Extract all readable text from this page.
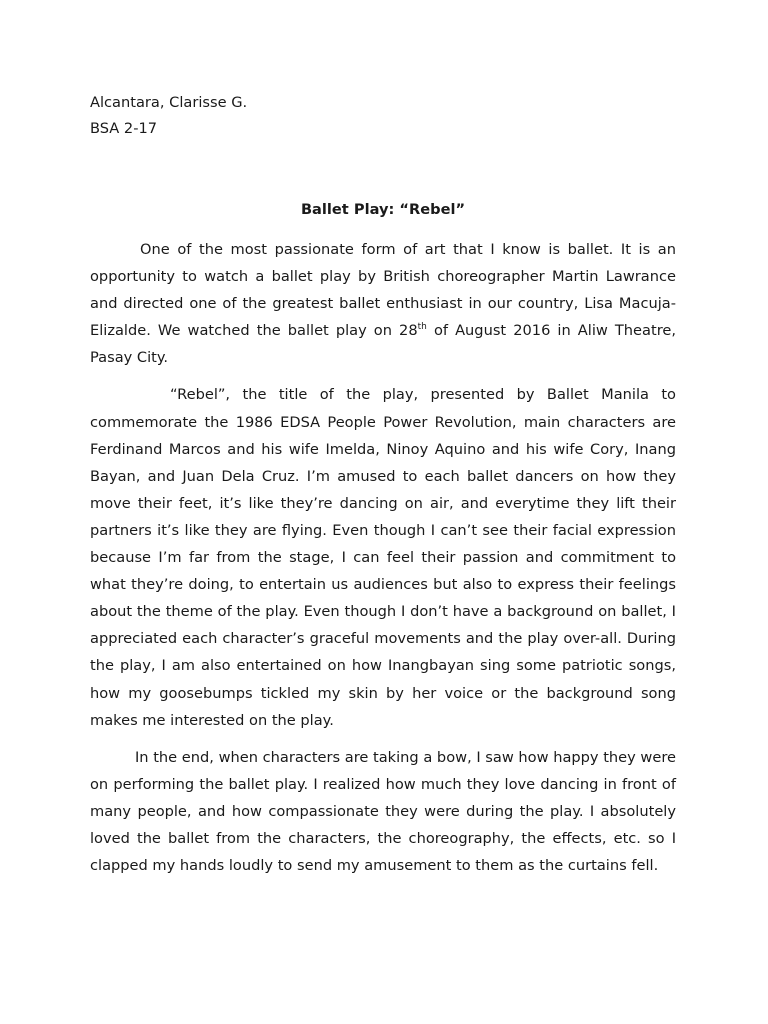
Alcantara, Clarisse G.

BSA 2-17

Ballet Play: “Rebel”

One of the most passionate form of art that I know is ballet. It is an opportunity to watch a ballet play by British choreographer Martin Lawrance and directed one of the greatest ballet enthusiast in our country, Lisa Macuja-Elizalde. We watched the ballet play on 28th of August 2016 in Aliw Theatre, Pasay City.

“Rebel”, the title of the play, presented by Ballet Manila to commemorate the 1986 EDSA People Power Revolution, main characters are Ferdinand Marcos and his wife Imelda, Ninoy Aquino and his wife Cory, Inang Bayan, and Juan Dela Cruz. I’m amused to each ballet dancers on how they move their feet, it’s like they’re dancing on air, and everytime they lift their partners it’s like they are flying. Even though I can’t see their facial expression because I’m far from the stage, I can feel their passion and commitment to what they’re doing, to entertain us audiences but also to express their feelings about the theme of the play. Even though I don’t have a background on ballet, I appreciated each character’s graceful movements and the play over-all. During the play, I am also entertained on how Inangbayan sing some patriotic songs, how my goosebumps tickled my skin by her voice or the background song makes me interested on the play.

In the end, when characters are taking a bow, I saw how happy they were on performing the ballet play. I realized how much they love dancing in front of many people, and how compassionate they were during the play. I absolutely loved the ballet from the characters, the choreography, the effects, etc. so I clapped my hands loudly to send my amusement to them as the curtains fell.
